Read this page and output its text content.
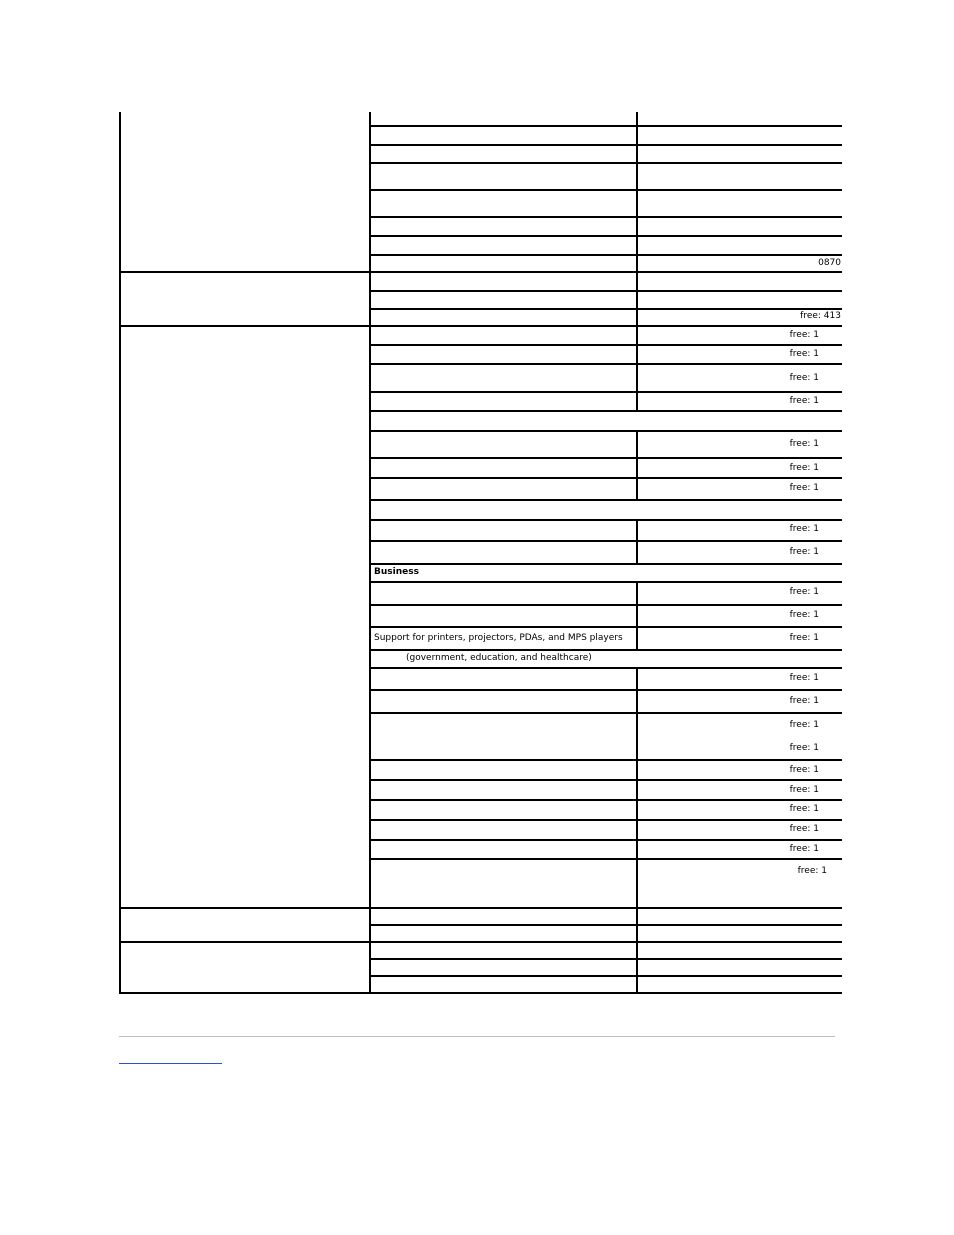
0870
free: 413
free: 1
free: 1
free: 1
free: 1
free: 1
free: 1
free: 1
free: 1
free: 1
Business
free: 1
free: 1
Support for printers, projectors, PDAs, and MPS players	free: 1
(government, education, and healthcare)
free: 1
free: 1
free: 1
free: 1
free: 1
free: 1
free: 1
free: 1
free: 1
free: 1
